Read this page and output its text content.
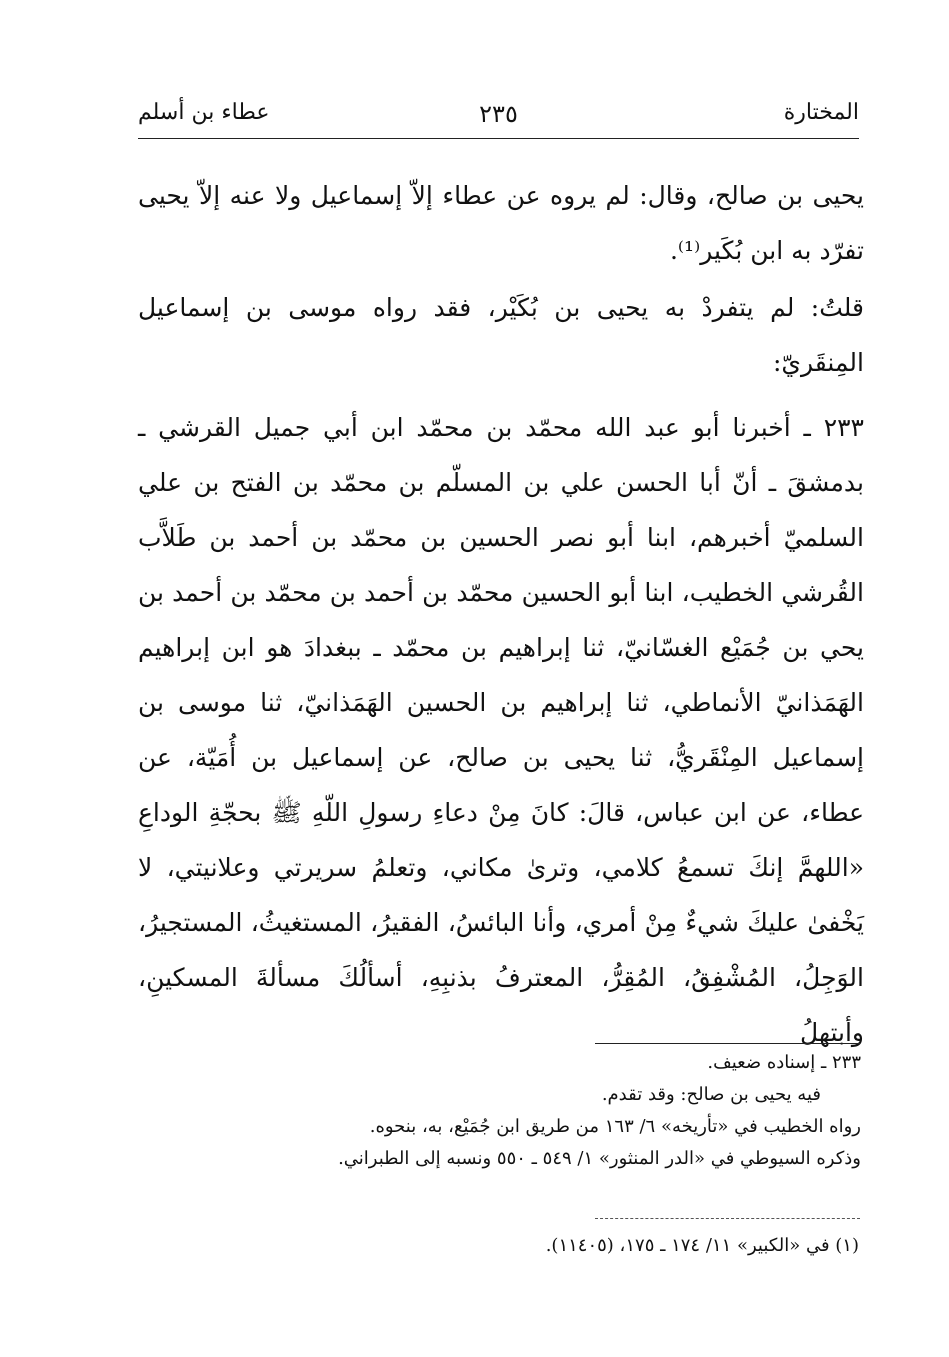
المختارة
٢٣٥
عطاء بن أسلم

يحيى بن صالح، وقال: لم يروه عن عطاء إلاّ إسماعيل ولا عنه إلاّ يحيى تفرّد به ابن بُكَير⁽¹⁾.

قلتُ: لم يتفردْ به يحيى بن بُكَيْر، فقد رواه موسى بن إسماعيل المِنقَريّ:

٢٣٣ ـ أخبرنا أبو عبد الله محمّد بن محمّد ابن أبي جميل القرشي ـ بدمشقَ ـ أنّ أبا الحسن علي بن المسلّم بن محمّد بن الفتح بن علي السلميّ أخبرهم، ابنا أبو نصر الحسين بن محمّد بن أحمد بن طَلاَّب القُرشي الخطيب، ابنا أبو الحسين محمّد بن أحمد بن محمّد بن أحمد بن يحي بن جُمَيْع الغسّانيّ، ثنا إبراهيم بن محمّد ـ ببغدادَ هو ابن إبراهيم الهَمَذانيّ الأنماطي، ثنا إبراهيم بن الحسين الهَمَذانيّ، ثنا موسى بن إسماعيل المِنْقَريُّ، ثنا يحيى بن صالح، عن إسماعيل بن أُمَيّة، عن عطاء، عن ابن عباس، قالَ: كانَ مِنْ دعاءِ رسولِ اللّهِ ﷺ بحجّةِ الوداعِ «اللهمَّ إنكَ تسمعُ كلامي، وترىٰ مكاني، وتعلمُ سريرتي وعلانيتي، لا يَخْفىٰ عليكَ شيءٌ مِنْ أمري، وأنا البائسُ، الفقيرُ، المستغيثُ، المستجيرُ، الوَجِلُ، المُشْفِقُ، المُقِرُّ، المعترفُ بذنبِهِ، أسألُكَ مسألةَ المسكينِ، وأبتهلُ

٢٣٣ ـ إسناده ضعيف.

فيه يحيى بن صالح: وقد تقدم.

رواه الخطيب في «تأريخه» ٦/ ١٦٣ من طريق ابن جُمَيْع، به، بنحوه.

وذكره السيوطي في «الدر المنثور» ١/ ٥٤٩ ـ ٥٥٠ ونسبه إلى الطبراني.

(١) في «الكبير» ١١/ ١٧٤ ـ ١٧٥، (١١٤٠٥).
